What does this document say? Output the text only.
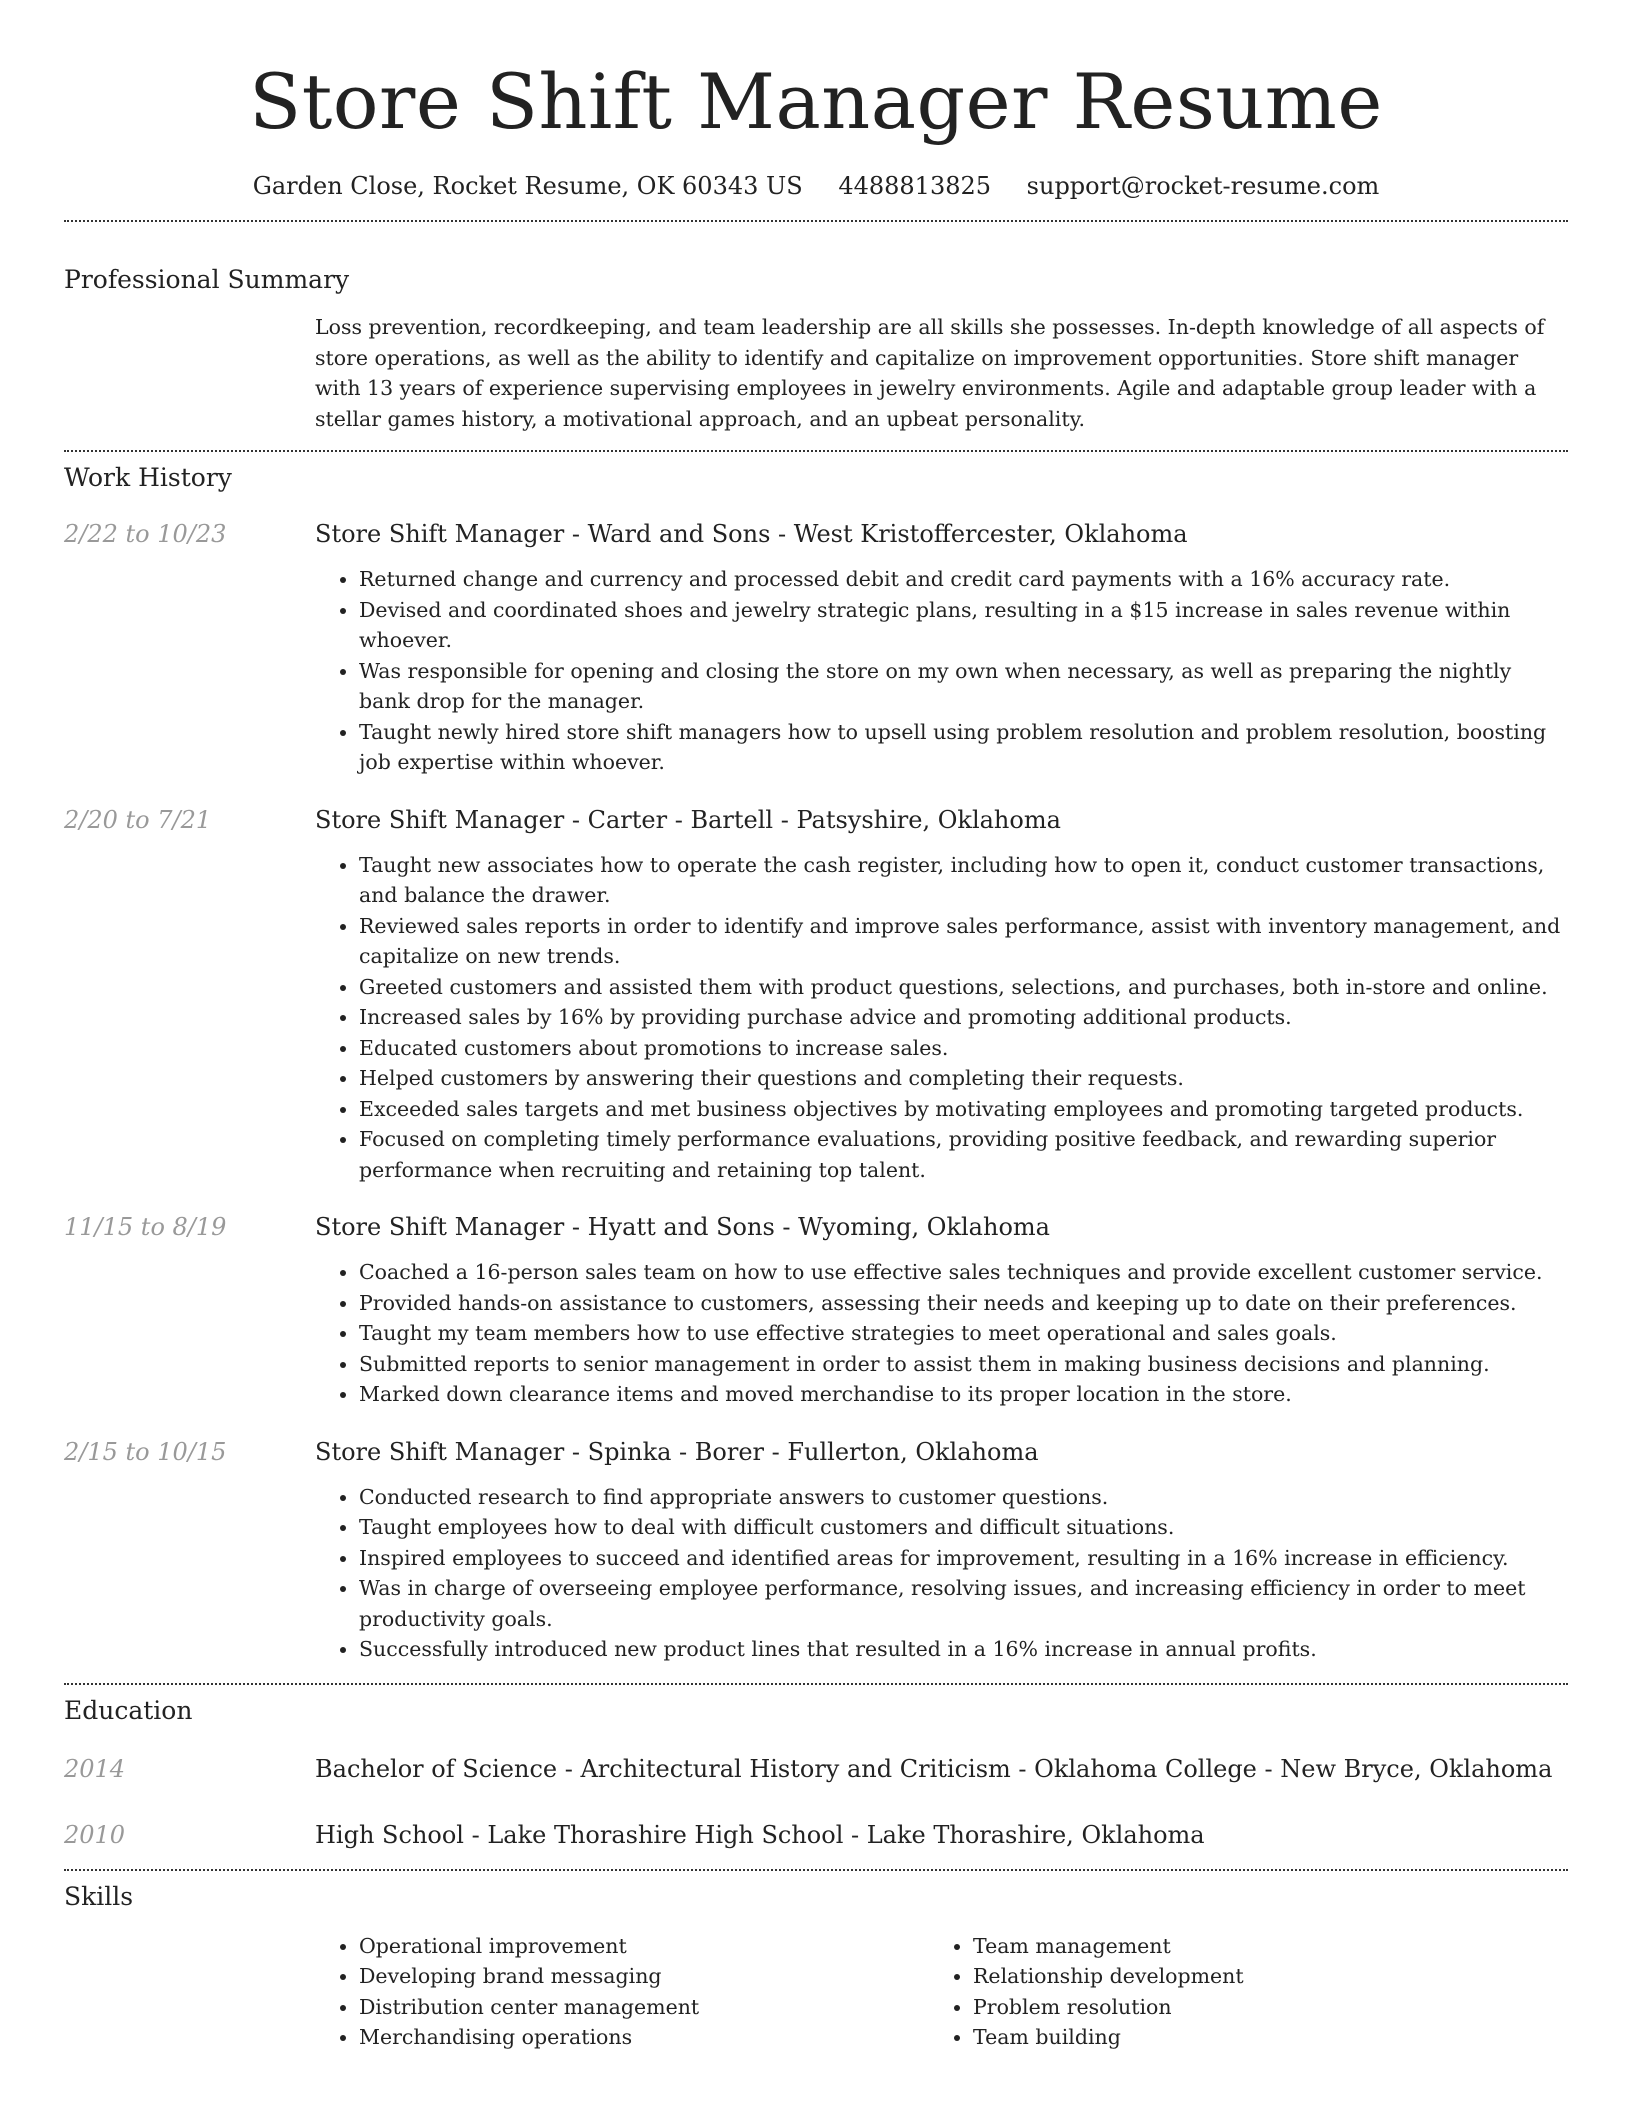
Store Shift Manager Resume
Garden Close, Rocket Resume, OK 60343 US 4488813825 support@rocket-resume.com
Professional Summary

Loss prevention, recordkeeping, and team leadership are all skills she possesses. In-depth knowledge of all aspects of store operations, as well as the ability to identify and capitalize on improvement opportunities. Store shift manager with 13 years of experience supervising employees in jewelry environments. Agile and adaptable group leader with a stellar games history, a motivational approach, and an upbeat personality.

Work History
2/22 to 10/23	Store Shift Manager - Ward and Sons - West Kristoffercester, Oklahoma
• Returned change and currency and processed debit and credit card payments with a 16% accuracy rate.
• Devised and coordinated shoes and jewelry strategic plans, resulting in a $15 increase in sales revenue within whoever.
• Was responsible for opening and closing the store on my own when necessary, as well as preparing the nightly bank drop for the manager.
• Taught newly hired store shift managers how to upsell using problem resolution and problem resolution, boosting job expertise within whoever.
2/20 to 7/21	Store Shift Manager - Carter - Bartell - Patsyshire, Oklahoma
• Taught new associates how to operate the cash register, including how to open it, conduct customer transactions, and balance the drawer.
• Reviewed sales reports in order to identify and improve sales performance, assist with inventory management, and capitalize on new trends.
• Greeted customers and assisted them with product questions, selections, and purchases, both in-store and online.
• Increased sales by 16% by providing purchase advice and promoting additional products.
• Educated customers about promotions to increase sales.
• Helped customers by answering their questions and completing their requests.
• Exceeded sales targets and met business objectives by motivating employees and promoting targeted products.
• Focused on completing timely performance evaluations, providing positive feedback, and rewarding superior performance when recruiting and retaining top talent.
11/15 to 8/19	Store Shift Manager - Hyatt and Sons - Wyoming, Oklahoma
• Coached a 16-person sales team on how to use effective sales techniques and provide excellent customer service.
• Provided hands-on assistance to customers, assessing their needs and keeping up to date on their preferences.
• Taught my team members how to use effective strategies to meet operational and sales goals.
• Submitted reports to senior management in order to assist them in making business decisions and planning.
• Marked down clearance items and moved merchandise to its proper location in the store.
2/15 to 10/15	Store Shift Manager - Spinka - Borer - Fullerton, Oklahoma
• Conducted research to find appropriate answers to customer questions.
• Taught employees how to deal with difficult customers and difficult situations.
• Inspired employees to succeed and identified areas for improvement, resulting in a 16% increase in efficiency.
• Was in charge of overseeing employee performance, resolving issues, and increasing efficiency in order to meet productivity goals.
• Successfully introduced new product lines that resulted in a 16% increase in annual profits.
Education
2014	Bachelor of Science - Architectural History and Criticism - Oklahoma College - New Bryce, Oklahoma
2010	High School - Lake Thorashire High School - Lake Thorashire, Oklahoma
Skills
• Operational improvement
• Developing brand messaging
• Distribution center management
• Merchandising operations
• Team management
• Relationship development
• Problem resolution
• Team building
